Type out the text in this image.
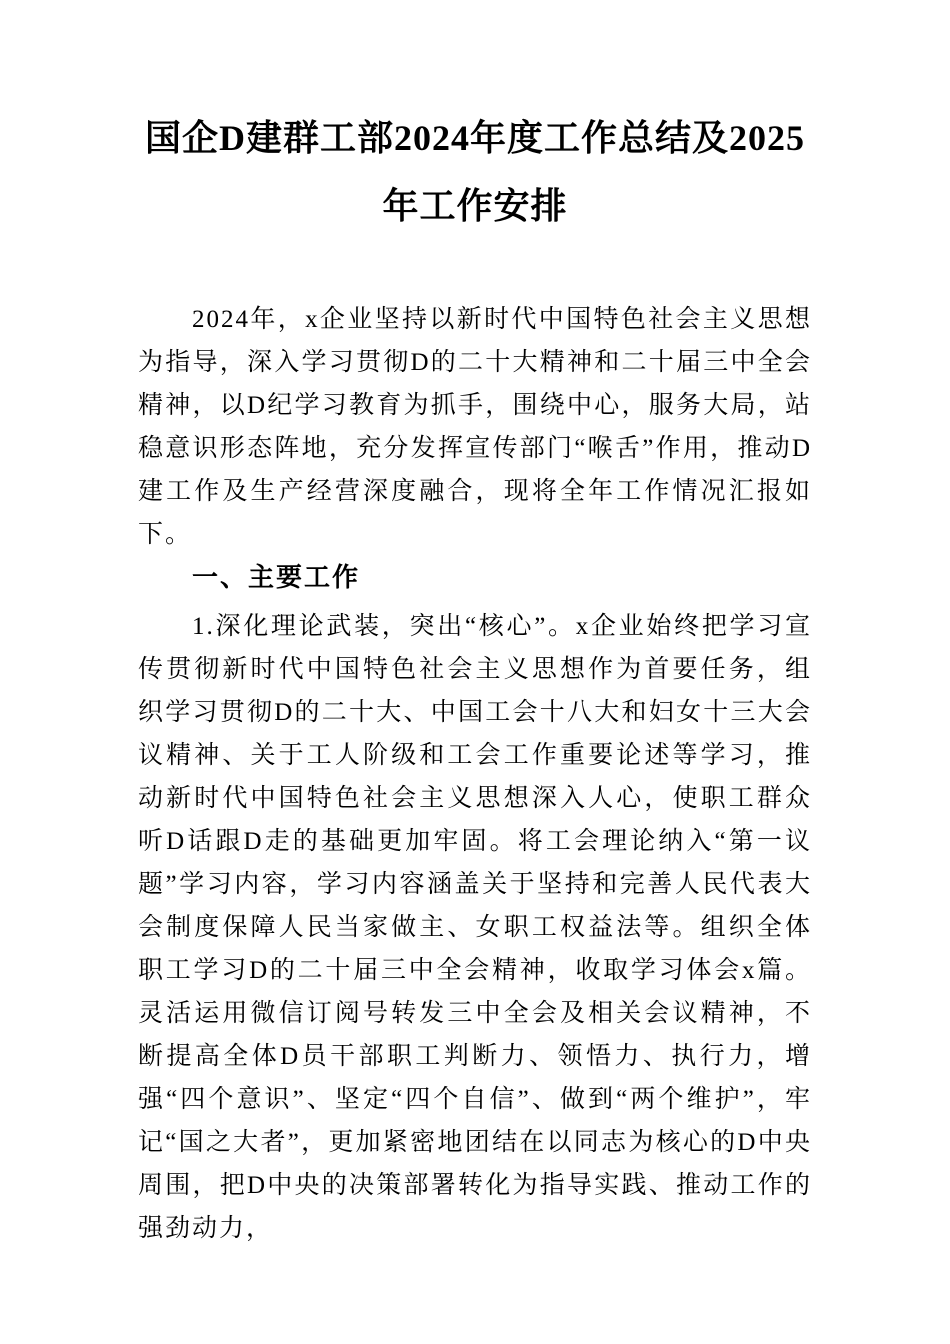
国企D建群工部2024年度工作总结及2025年工作安排

2024年，x企业坚持以新时代中国特色社会主义思想为指导，深入学习贯彻D的二十大精神和二十届三中全会精神，以D纪学习教育为抓手，围绕中心，服务大局，站稳意识形态阵地，充分发挥宣传部门“喉舌”作用，推动D建工作及生产经营深度融合，现将全年工作情况汇报如下。

一、主要工作

1.深化理论武装，突出“核心”。x企业始终把学习宣传贯彻新时代中国特色社会主义思想作为首要任务，组织学习贯彻D的二十大、中国工会十八大和妇女十三大会议精神、关于工人阶级和工会工作重要论述等学习，推动新时代中国特色社会主义思想深入人心，使职工群众听D话跟D走的基础更加牢固。将工会理论纳入“第一议题”学习内容，学习内容涵盖关于坚持和完善人民代表大会制度保障人民当家做主、女职工权益法等。组织全体职工学习D的二十届三中全会精神，收取学习体会x篇。灵活运用微信订阅号转发三中全会及相关会议精神，不断提高全体D员干部职工判断力、领悟力、执行力，增强“四个意识”、坚定“四个自信”、做到“两个维护”，牢记“国之大者”，更加紧密地团结在以同志为核心的D中央周围，把D中央的决策部署转化为指导实践、推动工作的强劲动力，
